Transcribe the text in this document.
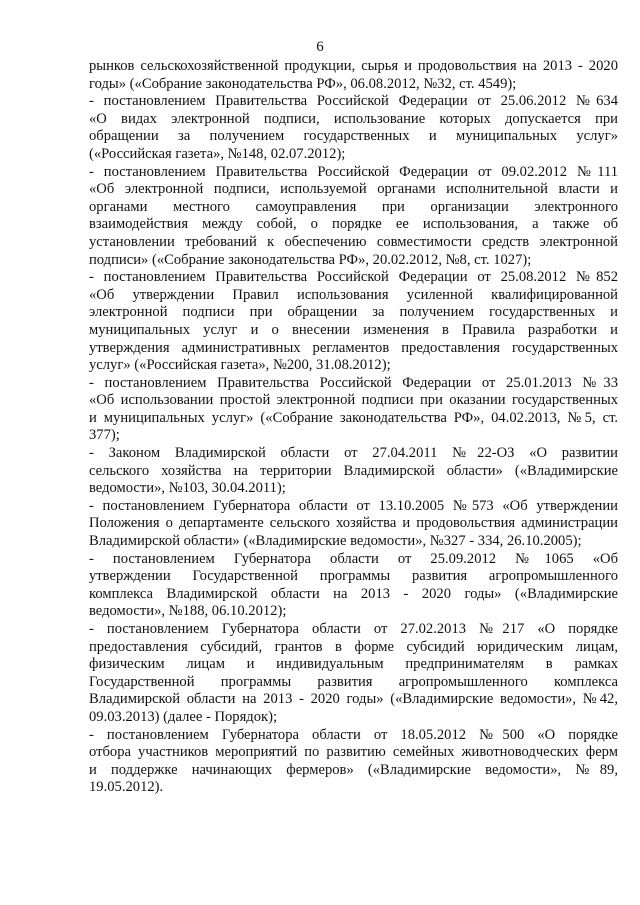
6
рынков сельскохозяйственной продукции, сырья и продовольствия на 2013 - 2020
годы» («Собрание законодательства РФ», 06.08.2012, №32, ст. 4549);
- постановлением Правительства Российской Федерации от 25.06.2012 №634
«О видах электронной подписи, использование которых допускается при
обращении за получением государственных и муниципальных услуг»
(«Российская газета», №148, 02.07.2012);
- постановлением Правительства Российской Федерации от 09.02.2012 №111
«Об электронной подписи, используемой органами исполнительной власти и
органами местного самоуправления при организации электронного
взаимодействия между собой, о порядке ее использования, а также об
установлении требований к обеспечению совместимости средств электронной
подписи» («Собрание законодательства РФ», 20.02.2012, №8, ст. 1027);
- постановлением Правительства Российской Федерации от 25.08.2012 №852
«Об утверждении Правил использования усиленной квалифицированной
электронной подписи при обращении за получением государственных и
муниципальных услуг и о внесении изменения в Правила разработки и
утверждения административных регламентов предоставления государственных
услуг» («Российская газета», №200, 31.08.2012);
- постановлением Правительства Российской Федерации от 25.01.2013 №33
«Об использовании простой электронной подписи при оказании государственных
и муниципальных услуг» («Собрание законодательства РФ», 04.02.2013, №5, ст.
377);
- Законом Владимирской области от 27.04.2011 №22-ОЗ «О развитии
сельского хозяйства на территории Владимирской области» («Владимирские
ведомости», №103, 30.04.2011);
- постановлением Губернатора области от 13.10.2005 №573 «Об утверждении
Положения о департаменте сельского хозяйства и продовольствия администрации
Владимирской области» («Владимирские ведомости», №327 - 334, 26.10.2005);
- постановлением Губернатора области от 25.09.2012 №1065 «Об
утверждении Государственной программы развития агропромышленного
комплекса Владимирской области на 2013 - 2020 годы» («Владимирские
ведомости», №188, 06.10.2012);
- постановлением Губернатора области от 27.02.2013 №217 «О порядке
предоставления субсидий, грантов в форме субсидий юридическим лицам,
физическим лицам и индивидуальным предпринимателям в рамках
Государственной программы развития агропромышленного комплекса
Владимирской области на 2013 - 2020 годы» («Владимирские ведомости», №42,
09.03.2013) (далее - Порядок);
- постановлением Губернатора области от 18.05.2012 №500 «О порядке
отбора участников мероприятий по развитию семейных животноводческих ферм
и поддержке начинающих фермеров» («Владимирские ведомости», №89,
19.05.2012).
